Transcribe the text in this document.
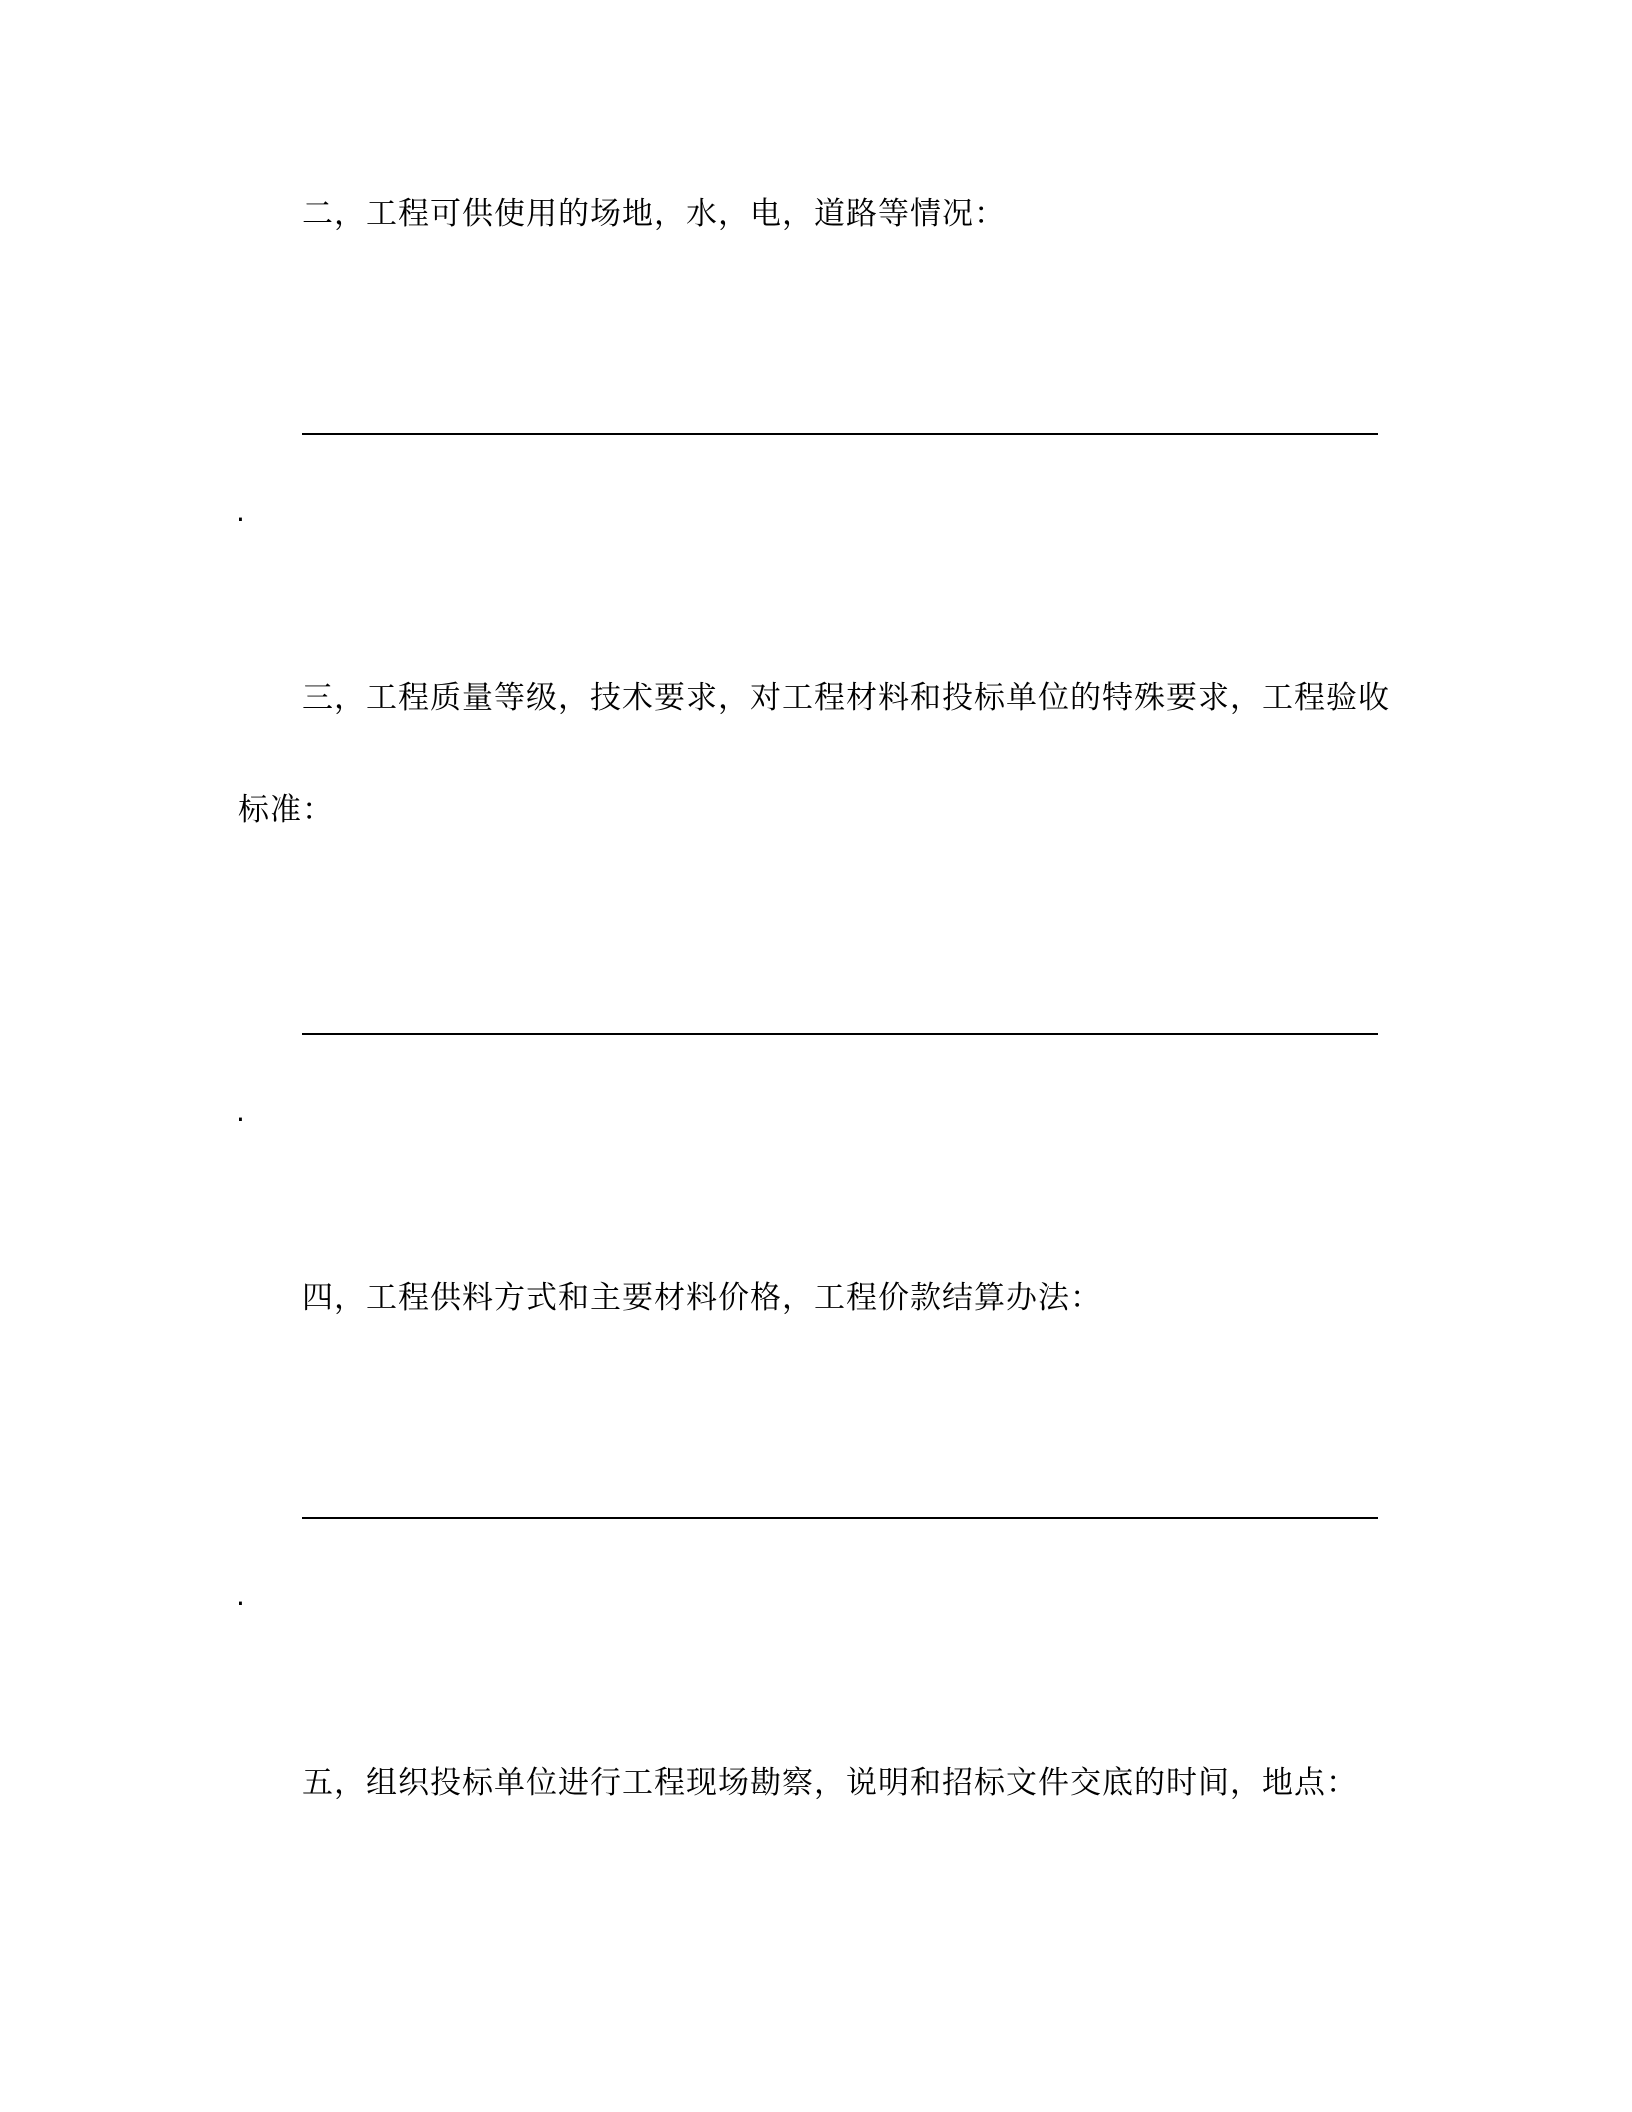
二，工程可供使用的场地，水，电，道路等情况：

.

三，工程质量等级，技术要求，对工程材料和投标单位的特殊要求，工程验收

标准：

.

四，工程供料方式和主要材料价格，工程价款结算办法：

.

五，组织投标单位进行工程现场勘察，说明和招标文件交底的时间，地点：
